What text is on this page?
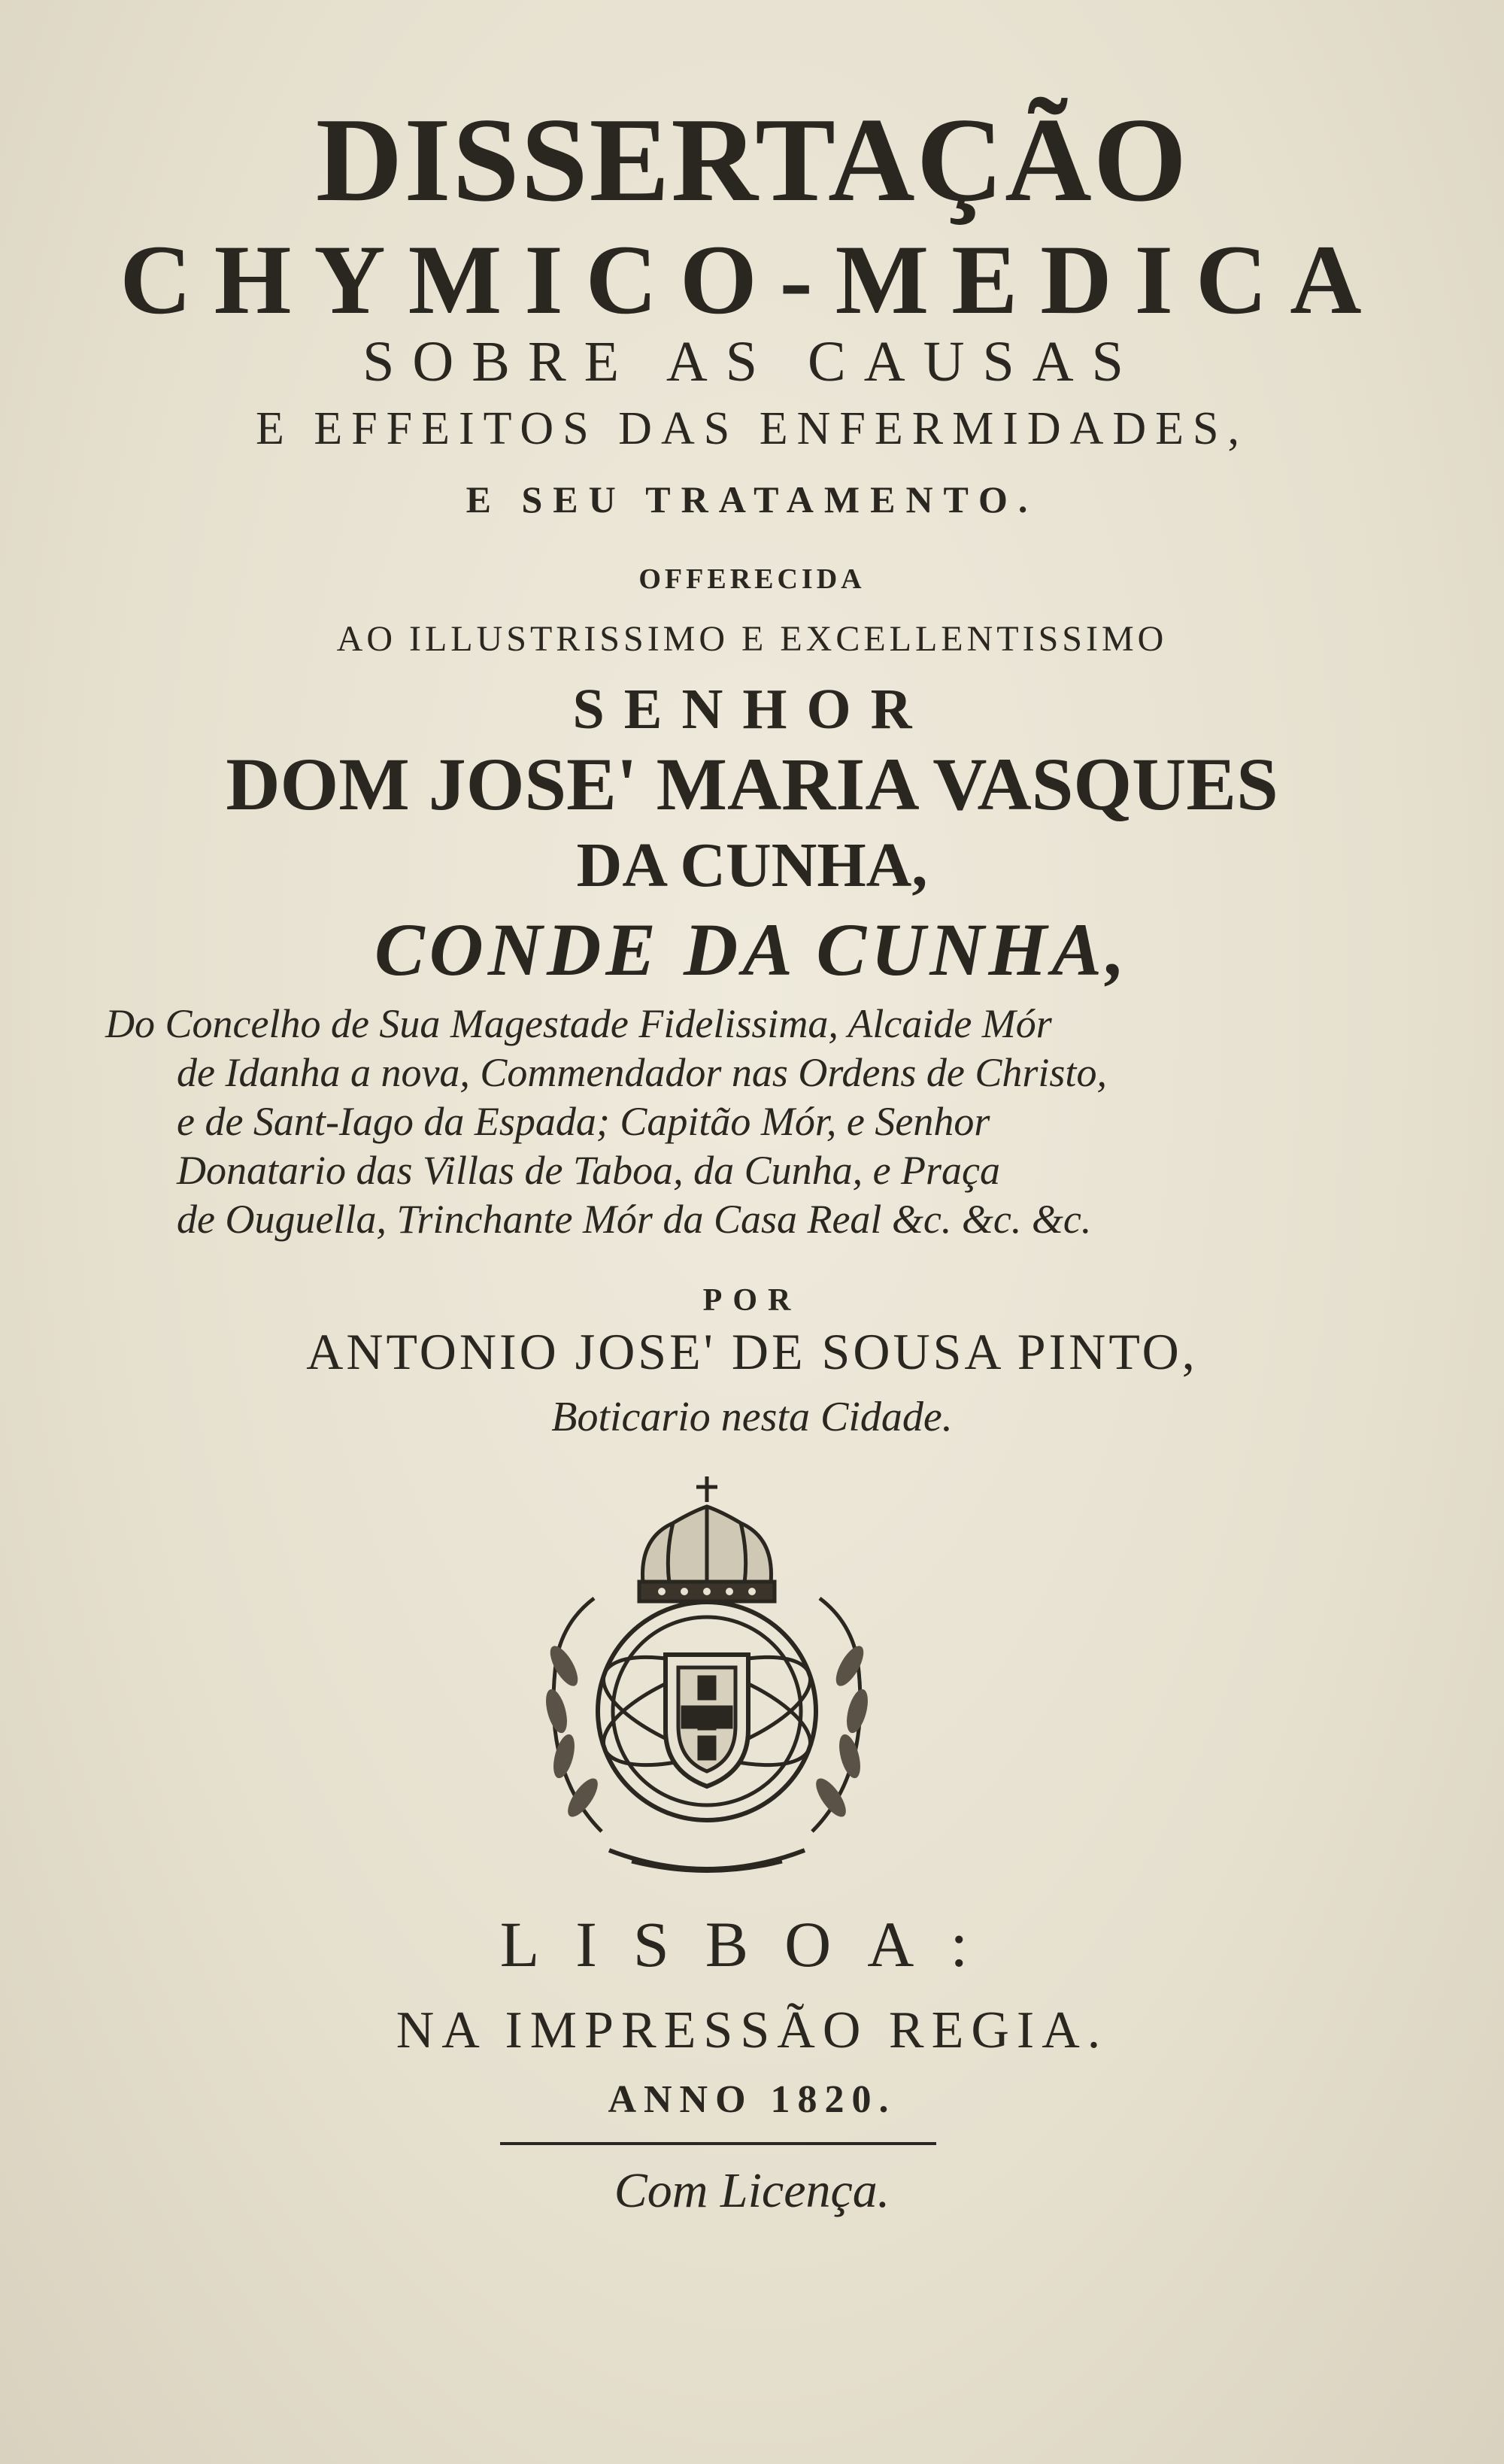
DISSERTAÇÃO
CHYMICO-MEDICA
SOBRE AS CAUSAS
E EFFEITOS DAS ENFERMIDADES,
E SEU TRATAMENTO.
OFFERECIDA
AO ILLUSTRISSIMO E EXCELLENTISSIMO
SENHOR
DOM JOSE' MARIA VASQUES
DA CUNHA,
CONDE DA CUNHA,
Do Concelho de Sua Magestade Fidelissima, Alcaide Mór
de Idanha a nova, Commendador nas Ordens de Christo,
e de Sant-Iago da Espada; Capitão Mór, e Senhor
Donatario das Villas de Taboa, da Cunha, e Praça
de Ouguella, Trinchante Mór da Casa Real &c. &c. &c.
POR
ANTONIO JOSE' DE SOUSA PINTO,
Boticario nesta Cidade.
LISBOA:
NA IMPRESSÃO REGIA.
ANNO 1820.
Com Licença.
